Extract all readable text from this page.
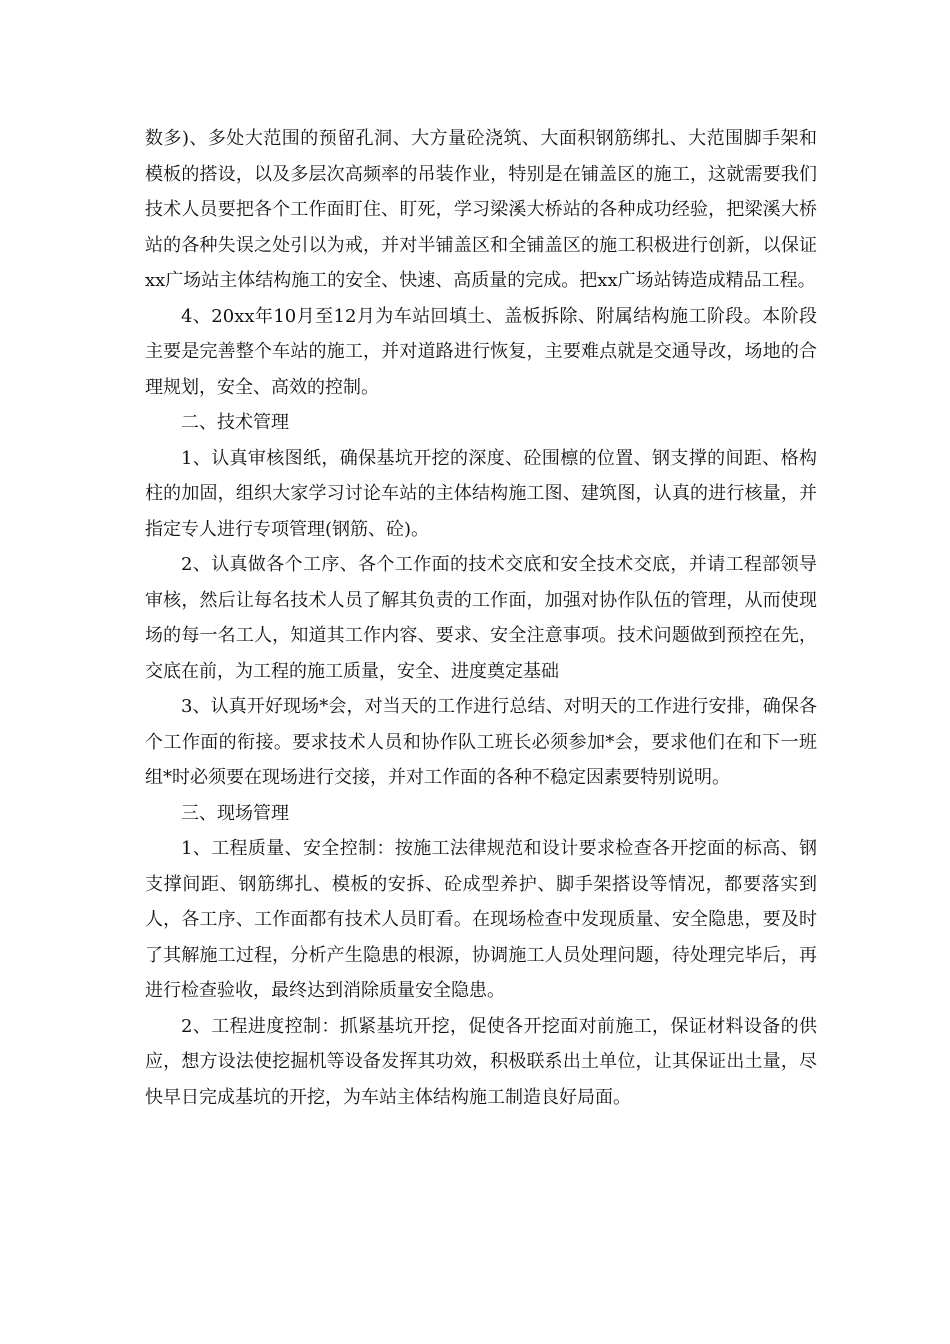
数多)、多处大范围的预留孔洞、大方量砼浇筑、大面积钢筋绑扎、大范围脚手架和模板的搭设，以及多层次高频率的吊装作业，特别是在铺盖区的施工，这就需要我们技术人员要把各个工作面盯住、盯死，学习梁溪大桥站的各种成功经验，把梁溪大桥站的各种失误之处引以为戒，并对半铺盖区和全铺盖区的施工积极进行创新，以保证xx广场站主体结构施工的安全、快速、高质量的完成。把xx广场站铸造成精品工程。

4、20xx年10月至12月为车站回填土、盖板拆除、附属结构施工阶段。本阶段主要是完善整个车站的施工，并对道路进行恢复，主要难点就是交通导改，场地的合理规划，安全、高效的控制。

二、技术管理

1、认真审核图纸，确保基坑开挖的深度、砼围檩的位置、钢支撑的间距、格构柱的加固，组织大家学习讨论车站的主体结构施工图、建筑图，认真的进行核量，并指定专人进行专项管理(钢筋、砼)。

2、认真做各个工序、各个工作面的技术交底和安全技术交底，并请工程部领导审核，然后让每名技术人员了解其负责的工作面，加强对协作队伍的管理，从而使现场的每一名工人，知道其工作内容、要求、安全注意事项。技术问题做到预控在先，交底在前，为工程的施工质量，安全、进度奠定基础

3、认真开好现场*会，对当天的工作进行总结、对明天的工作进行安排，确保各个工作面的衔接。要求技术人员和协作队工班长必须参加*会，要求他们在和下一班组*时必须要在现场进行交接，并对工作面的各种不稳定因素要特别说明。

三、现场管理

1、工程质量、安全控制：按施工法律规范和设计要求检查各开挖面的标高、钢支撑间距、钢筋绑扎、模板的安拆、砼成型养护、脚手架搭设等情况，都要落实到人，各工序、工作面都有技术人员盯看。在现场检查中发现质量、安全隐患，要及时了其解施工过程，分析产生隐患的根源，协调施工人员处理问题，待处理完毕后，再进行检查验收，最终达到消除质量安全隐患。

2、工程进度控制：抓紧基坑开挖，促使各开挖面对前施工，保证材料设备的供应，想方设法使挖掘机等设备发挥其功效，积极联系出土单位，让其保证出土量，尽快早日完成基坑的开挖，为车站主体结构施工制造良好局面。
